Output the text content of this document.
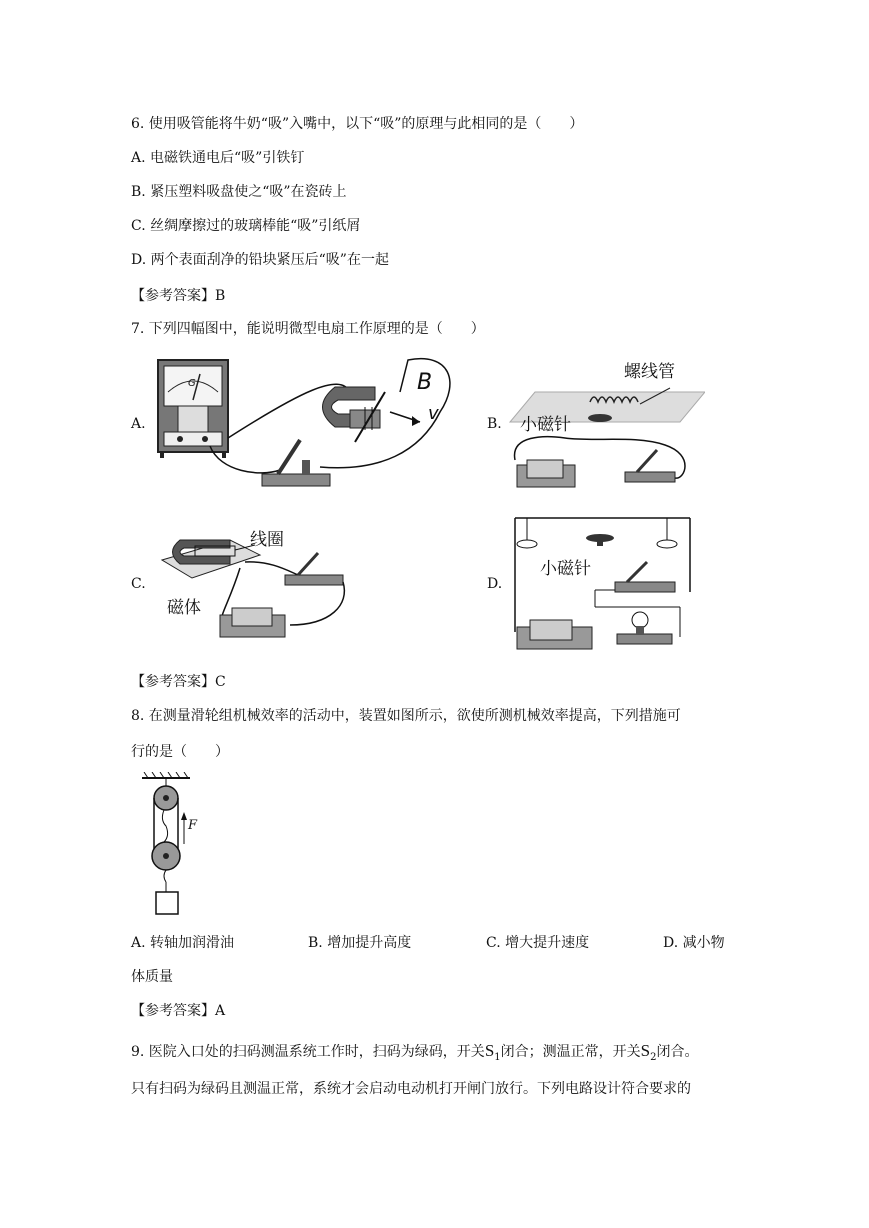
6. 使用吸管能将牛奶“吸”入嘴中，以下“吸”的原理与此相同的是（　　）
A. 电磁铁通电后“吸”引铁钉
B. 紧压塑料吸盘使之“吸”在瓷砖上
C. 丝绸摩擦过的玻璃棒能“吸”引纸屑
D. 两个表面刮净的铅块紧压后“吸”在一起
【参考答案】B
7. 下列四幅图中，能说明微型电扇工作原理的是（　　）
A.	B.
C.	D.
B
v
G
螺线管
小磁针
线圈
磁体
小磁针
【参考答案】C
8. 在测量滑轮组机械效率的活动中，装置如图所示，欲使所测机械效率提高，下列措施可
行的是（　　）
F
A. 转轴加润滑油	B. 增加提升高度	C. 增大提升速度	D. 减小物
体质量
【参考答案】A
9. 医院入口处的扫码测温系统工作时，扫码为绿码，开关$S_1$闭合；测温正常，开关$S_2$闭合。
只有扫码为绿码且测温正常，系统才会启动电动机打开闸门放行。下列电路设计符合要求的
